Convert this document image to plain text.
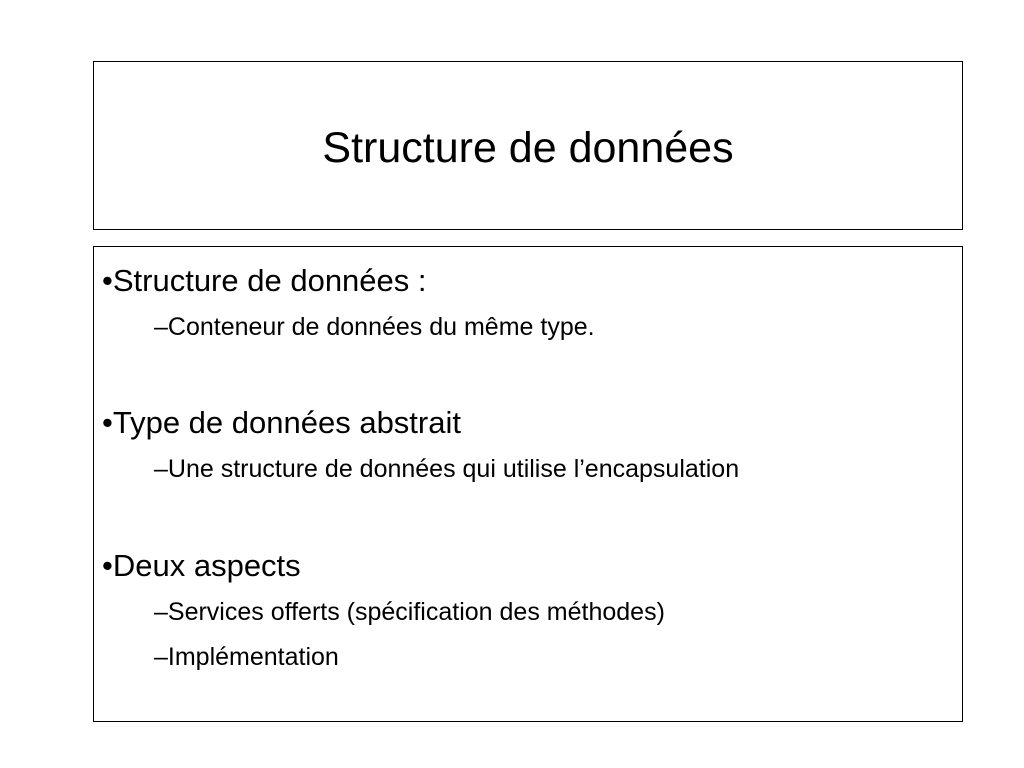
Structure de données
•Structure de données :
–Conteneur de données du même type.
•Type de données abstrait
–Une structure de données qui utilise l’encapsulation
•Deux aspects
–Services offerts (spécification des méthodes)
–Implémentation
